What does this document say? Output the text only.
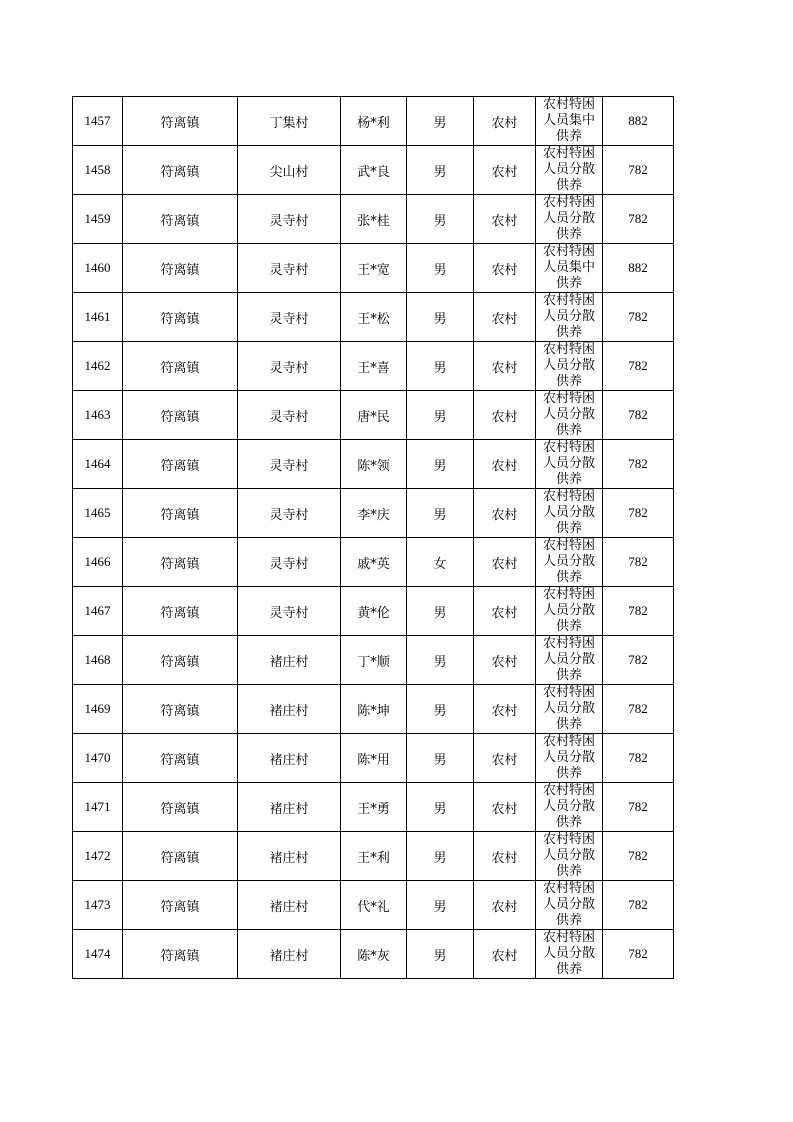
1457	符离镇	丁集村	杨*利	男	农村	农村特困人员集中供养	882
1458	符离镇	尖山村	武*良	男	农村	农村特困人员分散供养	782
1459	符离镇	灵寺村	张*桂	男	农村	农村特困人员分散供养	782
1460	符离镇	灵寺村	王*宽	男	农村	农村特困人员集中供养	882
1461	符离镇	灵寺村	王*松	男	农村	农村特困人员分散供养	782
1462	符离镇	灵寺村	王*喜	男	农村	农村特困人员分散供养	782
1463	符离镇	灵寺村	唐*民	男	农村	农村特困人员分散供养	782
1464	符离镇	灵寺村	陈*领	男	农村	农村特困人员分散供养	782
1465	符离镇	灵寺村	李*庆	男	农村	农村特困人员分散供养	782
1466	符离镇	灵寺村	戚*英	女	农村	农村特困人员分散供养	782
1467	符离镇	灵寺村	黄*伦	男	农村	农村特困人员分散供养	782
1468	符离镇	褚庄村	丁*顺	男	农村	农村特困人员分散供养	782
1469	符离镇	褚庄村	陈*坤	男	农村	农村特困人员分散供养	782
1470	符离镇	褚庄村	陈*用	男	农村	农村特困人员分散供养	782
1471	符离镇	褚庄村	王*勇	男	农村	农村特困人员分散供养	782
1472	符离镇	褚庄村	王*利	男	农村	农村特困人员分散供养	782
1473	符离镇	褚庄村	代*礼	男	农村	农村特困人员分散供养	782
1474	符离镇	褚庄村	陈*灰	男	农村	农村特困人员分散供养	782
